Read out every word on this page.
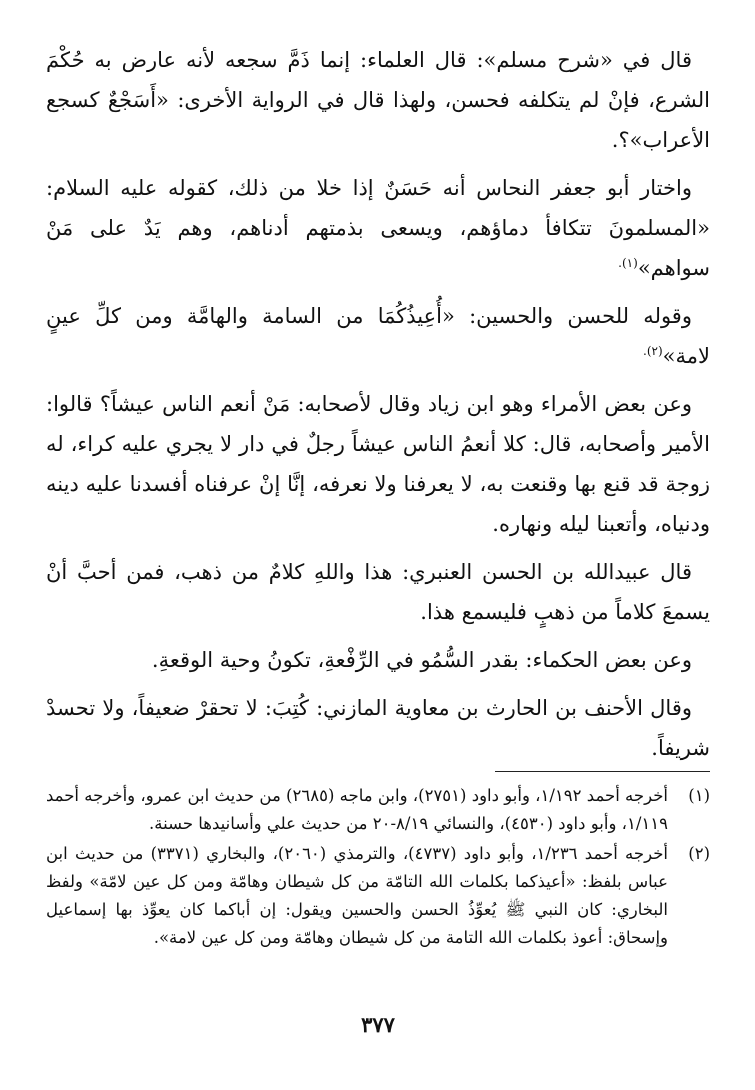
قال في «شرح مسلم»: قال العلماء: إنما ذَمَّ سجعه لأنه عارض به حُكْمَ الشرع، فإنْ لم يتكلفه فحسن، ولهذا قال في الرواية الأخرى: «أَسَجْعٌ كسجع الأعراب»؟.

واختار أبو جعفر النحاس أنه حَسَنٌ إذا خلا من ذلك، كقوله عليه السلام: «المسلمونَ تتكافأ دماؤهم، ويسعى بذمتهم أدناهم، وهم يَدٌ على مَنْ سواهم»$^{(١).}$

وقوله للحسن والحسين: «أُعِيذُكُمَا من السامة والهامَّة ومن كلِّ عينٍ لامة»$^{(٢).}$

وعن بعض الأمراء وهو ابن زياد وقال لأصحابه: مَنْ أنعم الناس عيشاً؟ قالوا: الأمير وأصحابه، قال: كلا أنعمُ الناس عيشاً رجلٌ في دار لا يجري عليه كراء، له زوجة قد قنع بها وقنعت به، لا يعرفنا ولا نعرفه، إنَّا إنْ عرفناه أفسدنا عليه دينه ودنياه، وأتعبنا ليله ونهاره.

قال عبيدالله بن الحسن العنبري: هذا واللهِ كلامٌ من ذهب، فمن أحبَّ أنْ يسمعَ كلاماً من ذهبٍ فليسمع هذا.

وعن بعض الحكماء: بقدر السُّمُو في الرِّفْعةِ، تكونُ وحية الوقعةِ.

وقال الأحنف بن الحارث بن معاوية المازني: كُتِبَ: لا تحقرْ ضعيفاً، ولا تحسدْ شريفاً.

(١)
أخرجه أحمد ١/١٩٢، وأبو داود (٢٧٥١)، وابن ماجه (٢٦٨٥) من حديث ابن عمرو، وأخرجه أحمد ١/١١٩، وأبو داود (٤٥٣٠)، والنسائي ٨/١٩-٢٠ من حديث علي وأسانيدها حسنة.
(٢)
أخرجه أحمد ١/٢٣٦، وأبو داود (٤٧٣٧)، والترمذي (٢٠٦٠)، والبخاري (٣٣٧١) من حديث ابن عباس بلفظ: «أعيذكما بكلمات الله التامّة من كل شيطان وهامّة ومن كل عين لامّة» ولفظ البخاري: كان النبي ﷺ يُعوِّذُ الحسن والحسين ويقول: إن أباكما كان يعوِّذ بها إسماعيل وإسحاق: أعوذ بكلمات الله التامة من كل شيطان وهامّة ومن كل عين لامة».
٣٧٧
